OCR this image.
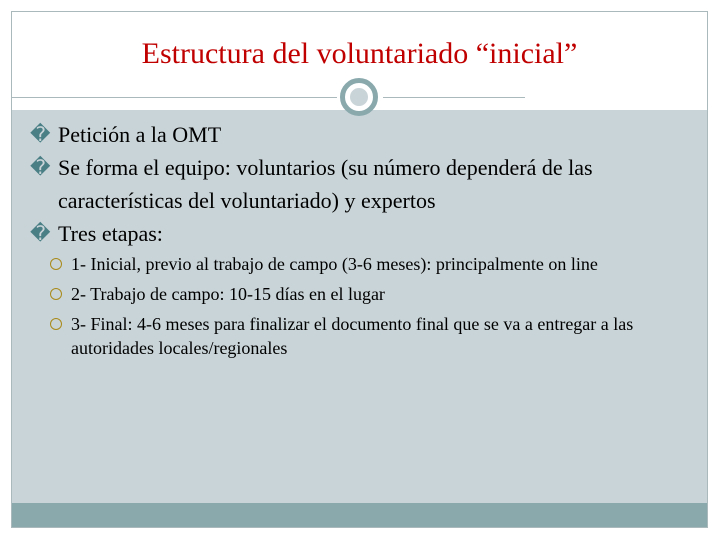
Estructura del voluntariado “inicial”
� Petición a la OMT
� Se forma el equipo: voluntarios (su número dependerá de las características del voluntariado) y expertos
� Tres etapas:
1- Inicial, previo al trabajo de campo (3-6 meses): principalmente on line
2- Trabajo de campo: 10-15 días en el lugar
3- Final: 4-6 meses para finalizar el documento final que se va a entregar a las autoridades locales/regionales
